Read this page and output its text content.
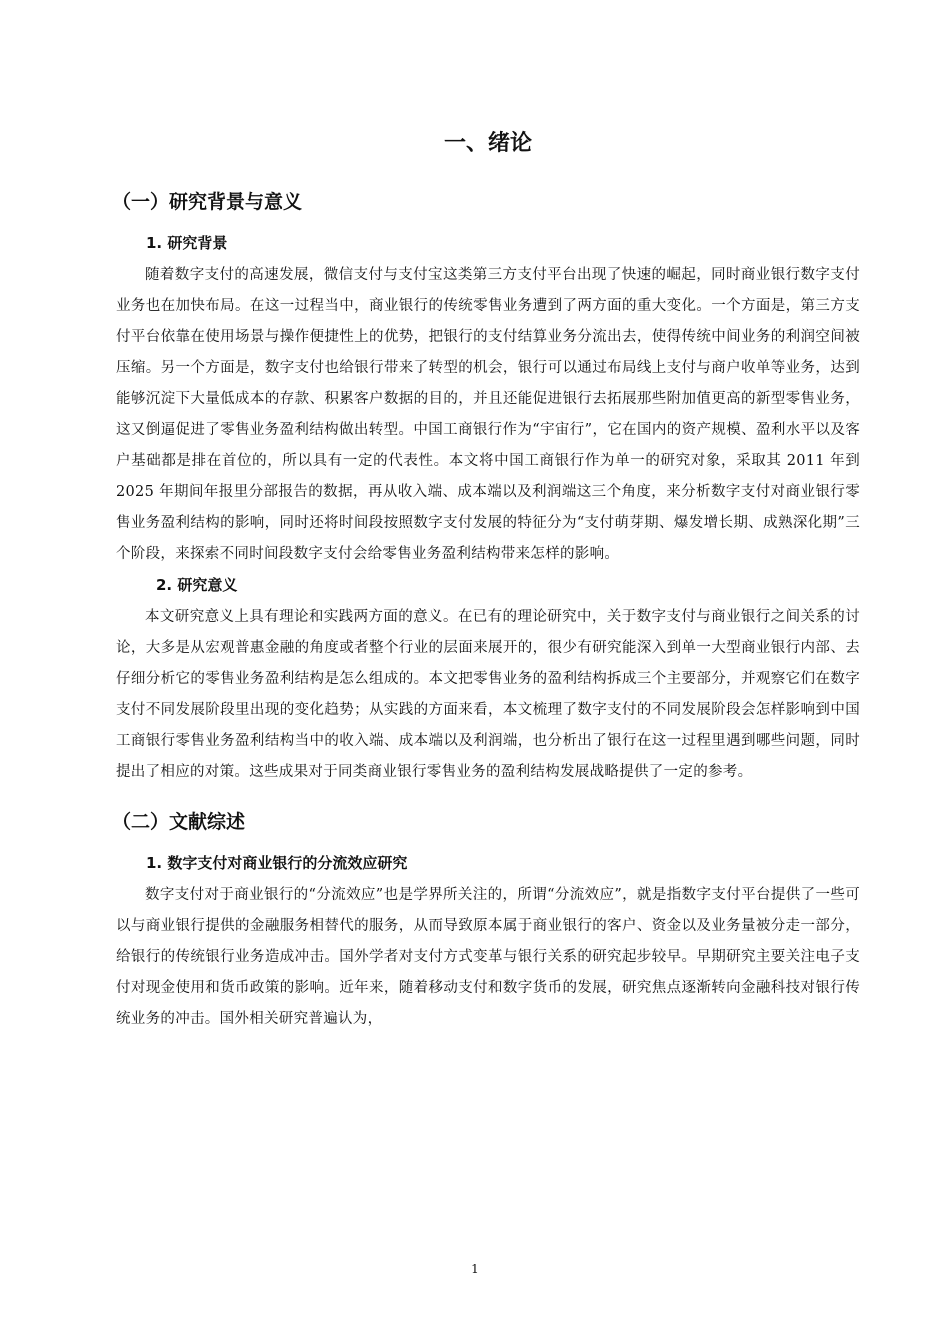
一、绪论
（一）研究背景与意义
1. 研究背景

随着数字支付的高速发展，微信支付与支付宝这类第三方支付平台出现了快速的崛起，同时商业银行数字支付业务也在加快布局。在这一过程当中，商业银行的传统零售业务遭到了两方面的重大变化。一个方面是，第三方支付平台依靠在使用场景与操作便捷性上的优势，把银行的支付结算业务分流出去，使得传统中间业务的利润空间被压缩。另一个方面是，数字支付也给银行带来了转型的机会，银行可以通过布局线上支付与商户收单等业务，达到能够沉淀下大量低成本的存款、积累客户数据的目的，并且还能促进银行去拓展那些附加值更高的新型零售业务，这又倒逼促进了零售业务盈利结构做出转型。中国工商银行作为“宇宙行”，它在国内的资产规模、盈利水平以及客户基础都是排在首位的，所以具有一定的代表性。本文将中国工商银行作为单一的研究对象，采取其 2011 年到 2025 年期间年报里分部报告的数据，再从收入端、成本端以及利润端这三个角度，来分析数字支付对商业银行零售业务盈利结构的影响，同时还将时间段按照数字支付发展的特征分为“支付萌芽期、爆发增长期、成熟深化期”三个阶段，来探索不同时间段数字支付会给零售业务盈利结构带来怎样的影响。

2. 研究意义

本文研究意义上具有理论和实践两方面的意义。在已有的理论研究中，关于数字支付与商业银行之间关系的讨论，大多是从宏观普惠金融的角度或者整个行业的层面来展开的，很少有研究能深入到单一大型商业银行内部、去仔细分析它的零售业务盈利结构是怎么组成的。本文把零售业务的盈利结构拆成三个主要部分，并观察它们在数字支付不同发展阶段里出现的变化趋势；从实践的方面来看，本文梳理了数字支付的不同发展阶段会怎样影响到中国工商银行零售业务盈利结构当中的收入端、成本端以及利润端，也分析出了银行在这一过程里遇到哪些问题，同时提出了相应的对策。这些成果对于同类商业银行零售业务的盈利结构发展战略提供了一定的参考。

（二）文献综述
1. 数字支付对商业银行的分流效应研究

数字支付对于商业银行的“分流效应”也是学界所关注的，所谓“分流效应”，就是指数字支付平台提供了一些可以与商业银行提供的金融服务相替代的服务，从而导致原本属于商业银行的客户、资金以及业务量被分走一部分，给银行的传统银行业务造成冲击。国外学者对支付方式变革与银行关系的研究起步较早。早期研究主要关注电子支付对现金使用和货币政策的影响。近年来，随着移动支付和数字货币的发展，研究焦点逐渐转向金融科技对银行传统业务的冲击。国外相关研究普遍认为，

1
